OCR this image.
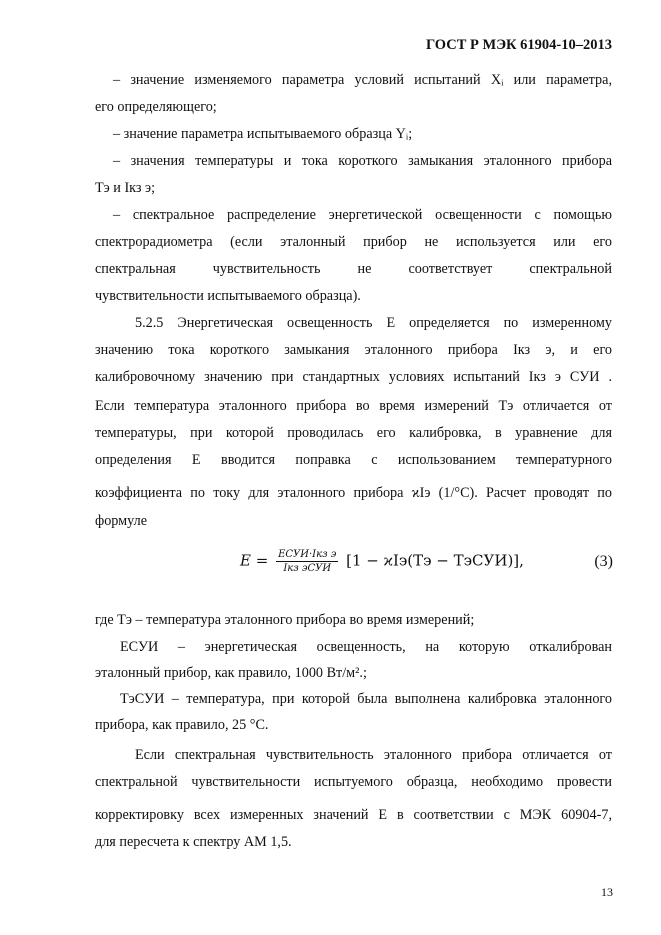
ГОСТ Р МЭК 61904-10–2013
– значение изменяемого параметра условий испытаний Xᵢ или параметра,
его определяющего;
– значение параметра испытываемого образца Yᵢ;
– значения температуры и тока короткого замыкания эталонного прибора
Tэ и Iкз э;
– спектральное распределение энергетической освещенности с помощью
спектрорадиометра (если эталонный прибор не используется или его
спектральная чувствительность не соответствует спектральной
чувствительности испытываемого образца).
5.2.5 Энергетическая освещенность E определяется по измеренному
значению тока короткого замыкания эталонного прибора Iкз э, и его
калибровочному значению при стандартных условиях испытаний Iкз э СУИ .
Если температура эталонного прибора во время измерений Tэ отличается от
температуры, при которой проводилась его калибровка, в уравнение для
определения E вводится поправка с использованием температурного
коэффициента по току для эталонного прибора ϰIэ (1/°С). Расчет проводят по
формуле
$E = \frac{\text{EСУИ·Iкз э}}{\text{Iкз эСУИ}} [1 - ϰIэ(Tэ$ − TэСУИ)],	(3)
где Tэ – температура эталонного прибора во время измерений;
EСУИ – энергетическая освещенность, на которую откалиброван
эталонный прибор, как правило, 1000 Вт/м².;
TэСУИ – температура, при которой была выполнена калибровка эталонного
прибора, как правило, 25 °С.
Если спектральная чувствительность эталонного прибора отличается от
спектральной чувствительности испытуемого образца, необходимо провести
корректировку всех измеренных значений E в соответствии с МЭК 60904-7,
для пересчета к спектру АМ 1,5.
13
